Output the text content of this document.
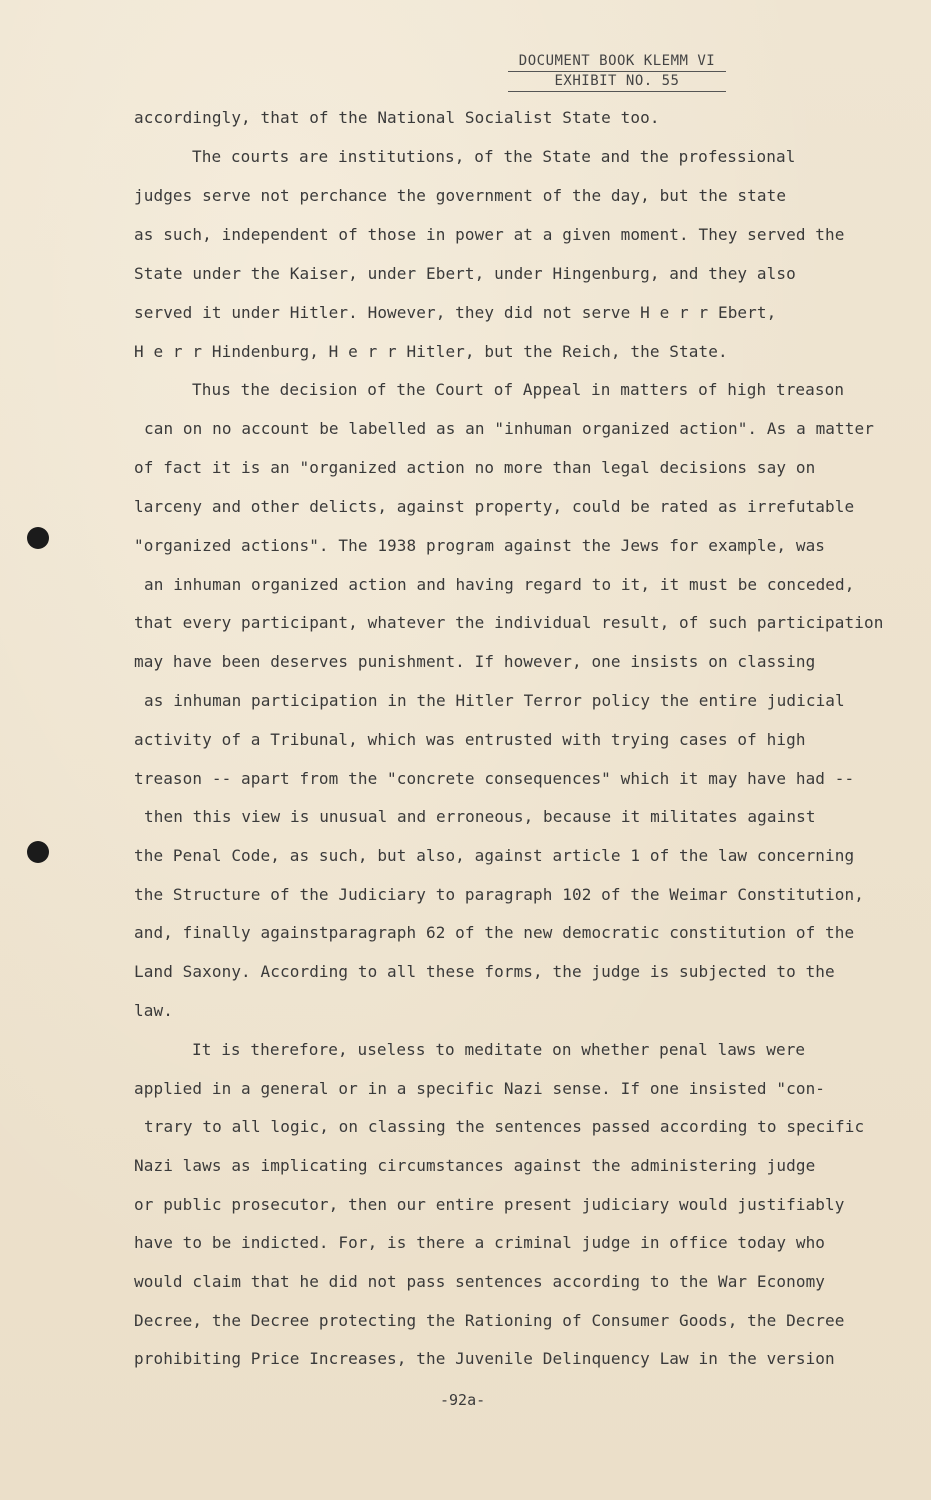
DOCUMENT BOOK KLEMM VI
EXHIBIT NO. 55
accordingly, that of the National Socialist State too.
The courts are institutions, of the State and the professional
judges serve not perchance the government of the day, but the state
as such, independent of those in power at a given moment. They served the
State under the Kaiser, under Ebert, under Hingenburg, and they also
served it under Hitler. However, they did not serve H e r r Ebert,
H e r r Hindenburg, H e r r Hitler, but the Reich, the State.
Thus the decision of the Court of Appeal in matters of high treason
can on no account be labelled as an "inhuman organized action". As a matter
of fact it is an "organized action no more than legal decisions say on
larceny and other delicts, against property, could be rated as irrefutable
"organized actions". The 1938 program against the Jews for example, was
an inhuman organized action and having regard to it, it must be conceded,
that every participant, whatever the individual result, of such participation
may have been deserves punishment. If however, one insists on classing
as inhuman participation in the Hitler Terror policy the entire judicial
activity of a Tribunal, which was entrusted with trying cases of high
treason -- apart from the "concrete consequences" which it may have had --
then this view is unusual and erroneous, because it militates against
the Penal Code, as such, but also, against article 1 of the law concerning
the Structure of the Judiciary to paragraph 102 of the Weimar Constitution,
and, finally againstparagraph 62 of the new democratic constitution of the
Land Saxony. According to all these forms, the judge is subjected to the
law.
It is therefore, useless to meditate on whether penal laws were
applied in a general or in a specific Nazi sense. If one insisted "con-
trary to all logic, on classing the sentences passed according to specific
Nazi laws as implicating circumstances against the administering judge
or public prosecutor, then our entire present judiciary would justifiably
have to be indicted. For, is there a criminal judge in office today who
would claim that he did not pass sentences according to the War Economy
Decree, the Decree protecting the Rationing of Consumer Goods, the Decree
prohibiting Price Increases, the Juvenile Delinquency Law in the version
-92a-
